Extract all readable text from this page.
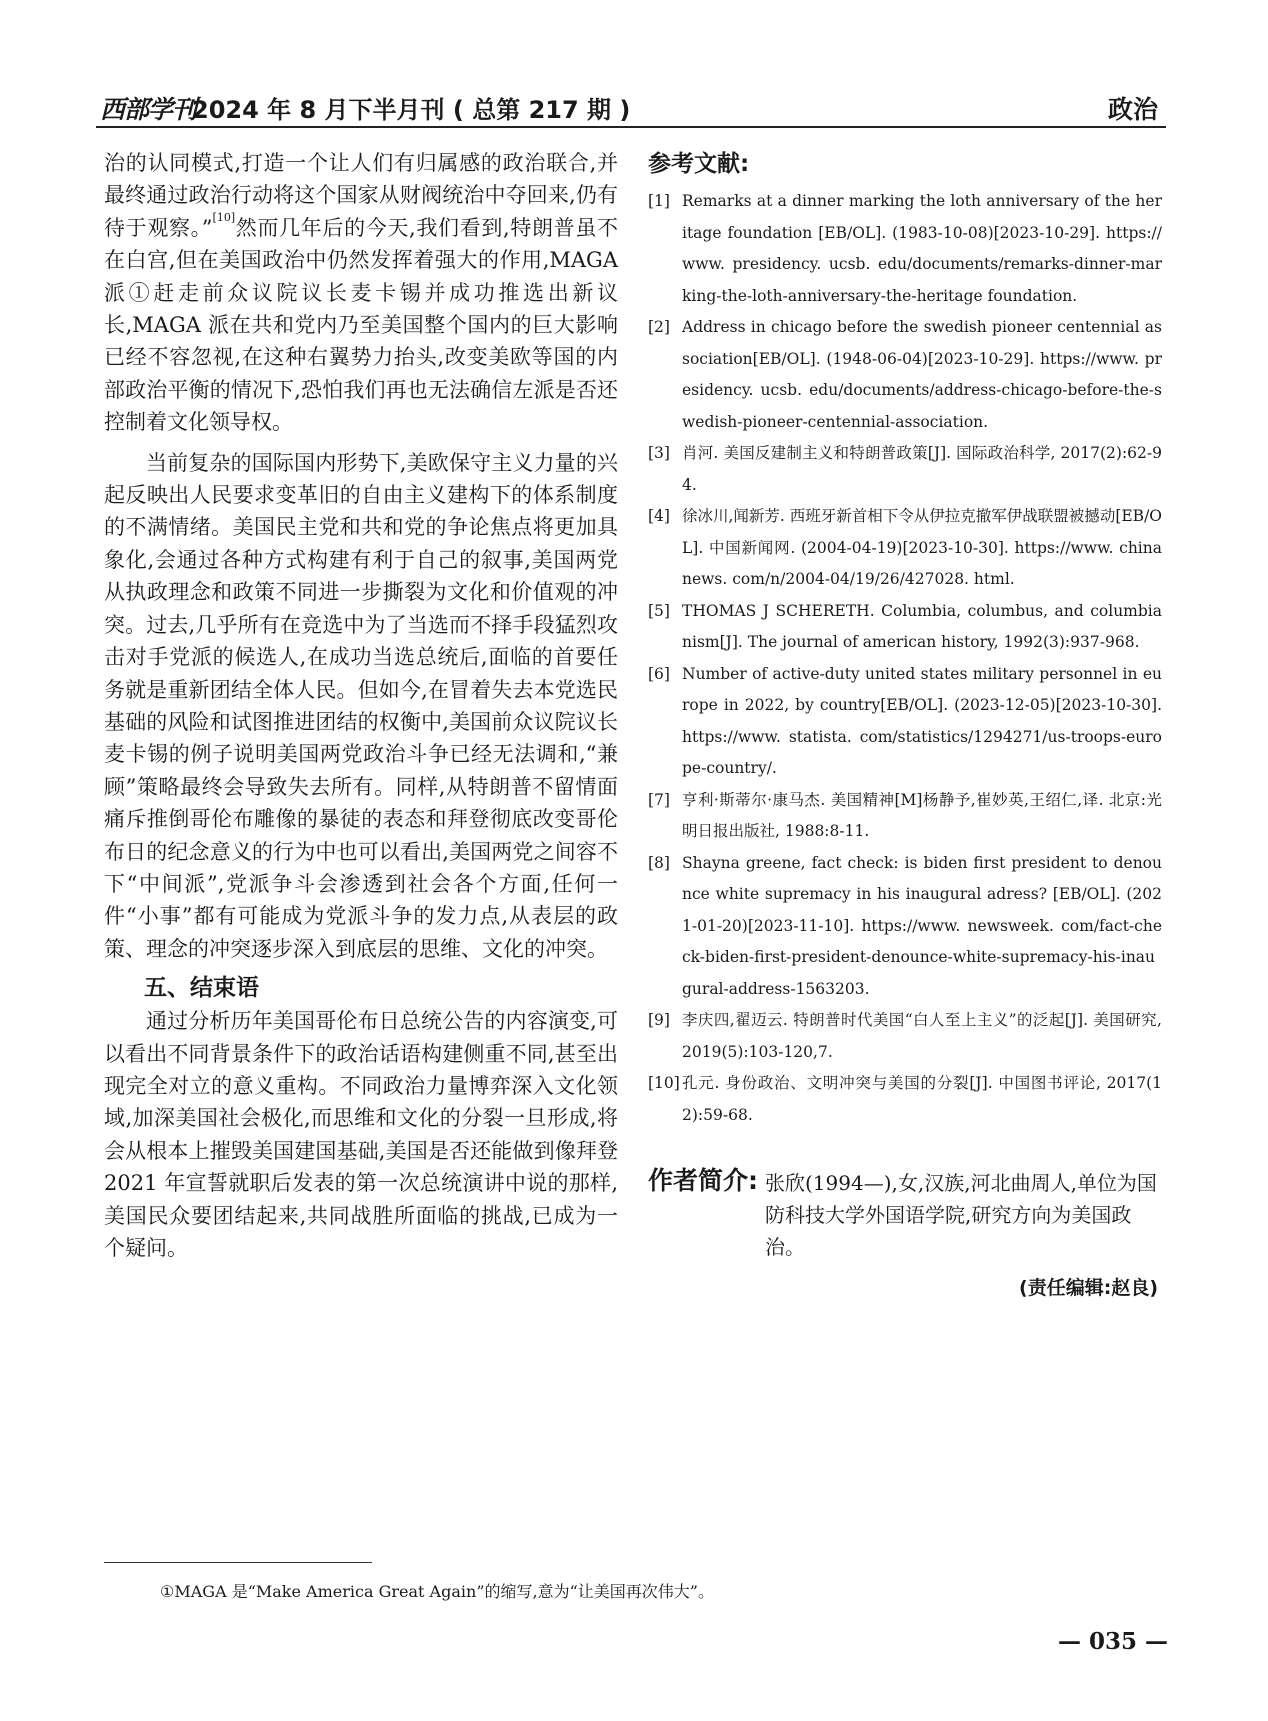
西部学刊
2024 年 8 月下半月刊 ( 总第 217 期 )	政治

治的认同模式,打造一个让人们有归属感的政治联合,并最终通过政治行动将这个国家从财阀统治中夺回来,仍有待于观察。”[10]然而几年后的今天,我们看到,特朗普虽不在白宫,但在美国政治中仍然发挥着强大的作用,MAGA 派①赶走前众议院议长麦卡锡并成功推选出新议长,MAGA 派在共和党内乃至美国整个国内的巨大影响已经不容忽视,在这种右翼势力抬头,改变美欧等国的内部政治平衡的情况下,恐怕我们再也无法确信左派是否还控制着文化领导权。

当前复杂的国际国内形势下,美欧保守主义力量的兴起反映出人民要求变革旧的自由主义建构下的体系制度的不满情绪。美国民主党和共和党的争论焦点将更加具象化,会通过各种方式构建有利于自己的叙事,美国两党从执政理念和政策不同进一步撕裂为文化和价值观的冲突。过去,几乎所有在竞选中为了当选而不择手段猛烈攻击对手党派的候选人,在成功当选总统后,面临的首要任务就是重新团结全体人民。但如今,在冒着失去本党选民基础的风险和试图推进团结的权衡中,美国前众议院议长麦卡锡的例子说明美国两党政治斗争已经无法调和,“兼顾”策略最终会导致失去所有。同样,从特朗普不留情面痛斥推倒哥伦布雕像的暴徒的表态和拜登彻底改变哥伦布日的纪念意义的行为中也可以看出,美国两党之间容不下“中间派”,党派争斗会渗透到社会各个方面,任何一件“小事”都有可能成为党派斗争的发力点,从表层的政策、理念的冲突逐步深入到底层的思维、文化的冲突。

五、结束语

通过分析历年美国哥伦布日总统公告的内容演变,可以看出不同背景条件下的政治话语构建侧重不同,甚至出现完全对立的意义重构。不同政治力量博弈深入文化领域,加深美国社会极化,而思维和文化的分裂一旦形成,将会从根本上摧毁美国建国基础,美国是否还能做到像拜登 2021 年宣誓就职后发表的第一次总统演讲中说的那样,美国民众要团结起来,共同战胜所面临的挑战,已成为一个疑问。

参考文献:
[1] Remarks at a dinner marking the loth anniversary of the heritage foundation [EB/OL]. (1983-10-08)[2023-10-29]. https://www. presidency. ucsb. edu/documents/remarks-dinner-marking-the-loth-anniversary-the-heritage foundation.
[2] Address in chicago before the swedish pioneer centennial association[EB/OL]. (1948-06-04)[2023-10-29]. https://www. presidency. ucsb. edu/documents/address-chicago-before-the-swedish-pioneer-centennial-association.
[3] 肖河. 美国反建制主义和特朗普政策[J]. 国际政治科学, 2017(2):62-94.
[4] 徐冰川,闻新芳. 西班牙新首相下令从伊拉克撤军伊战联盟被撼动[EB/OL]. 中国新闻网. (2004-04-19)[2023-10-30]. https://www. chinanews. com/n/2004-04/19/26/427028. html.
[5] THOMAS J SCHERETH. Columbia, columbus, and columbianism[J]. The journal of american history, 1992(3):937-968.
[6] Number of active-duty united states military personnel in europe in 2022, by country[EB/OL]. (2023-12-05)[2023-10-30]. https://www. statista. com/statistics/1294271/us-troops-europe-country/.
[7] 亨利·斯蒂尔·康马杰. 美国精神[M]杨静予,崔妙英,王绍仁,译. 北京:光明日报出版社, 1988:8-11.
[8] Shayna greene, fact check: is biden first president to denounce white supremacy in his inaugural adress? [EB/OL]. (2021-01-20)[2023-11-10]. https://www. newsweek. com/fact-check-biden-first-president-denounce-white-supremacy-his-inaugural-address-1563203.
[9] 李庆四,翟迈云. 特朗普时代美国“白人至上主义”的泛起[J]. 美国研究, 2019(5):103-120,7.
[10] 孔元. 身份政治、文明冲突与美国的分裂[J]. 中国图书评论, 2017(12):59-68.
作者简介: 张欣(1994—),女,汉族,河北曲周人,单位为国防科技大学外国语学院,研究方向为美国政治。
(责任编辑:赵良)
①MAGA 是“Make America Great Again”的缩写,意为“让美国再次伟大”。
— 035 —
